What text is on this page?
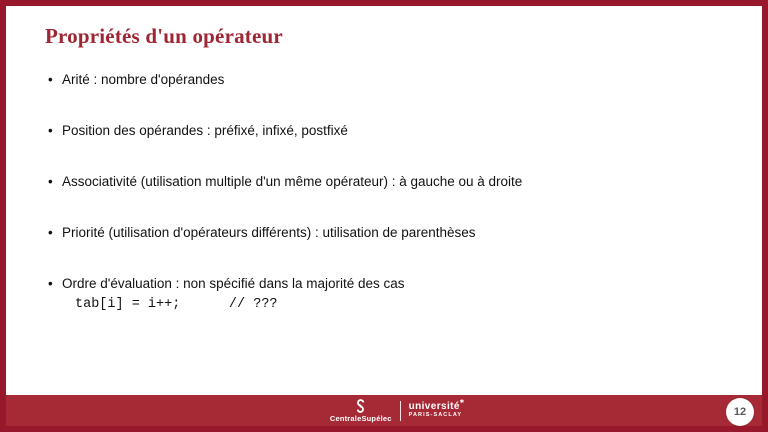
Propriétés d'un opérateur
• Arité : nombre d'opérandes
• Position des opérandes : préfixé, infixé, postfixé
• Associativité (utilisation multiple d'un même opérateur) : à gauche ou à droite
• Priorité (utilisation d'opérateurs différents) : utilisation de parenthèses
• Ordre d'évaluation : non spécifié dans la majorité des cas
tab[i] = i++;      // ???
CentraleSupélec
université ∗
PARIS-SACLAY	12
